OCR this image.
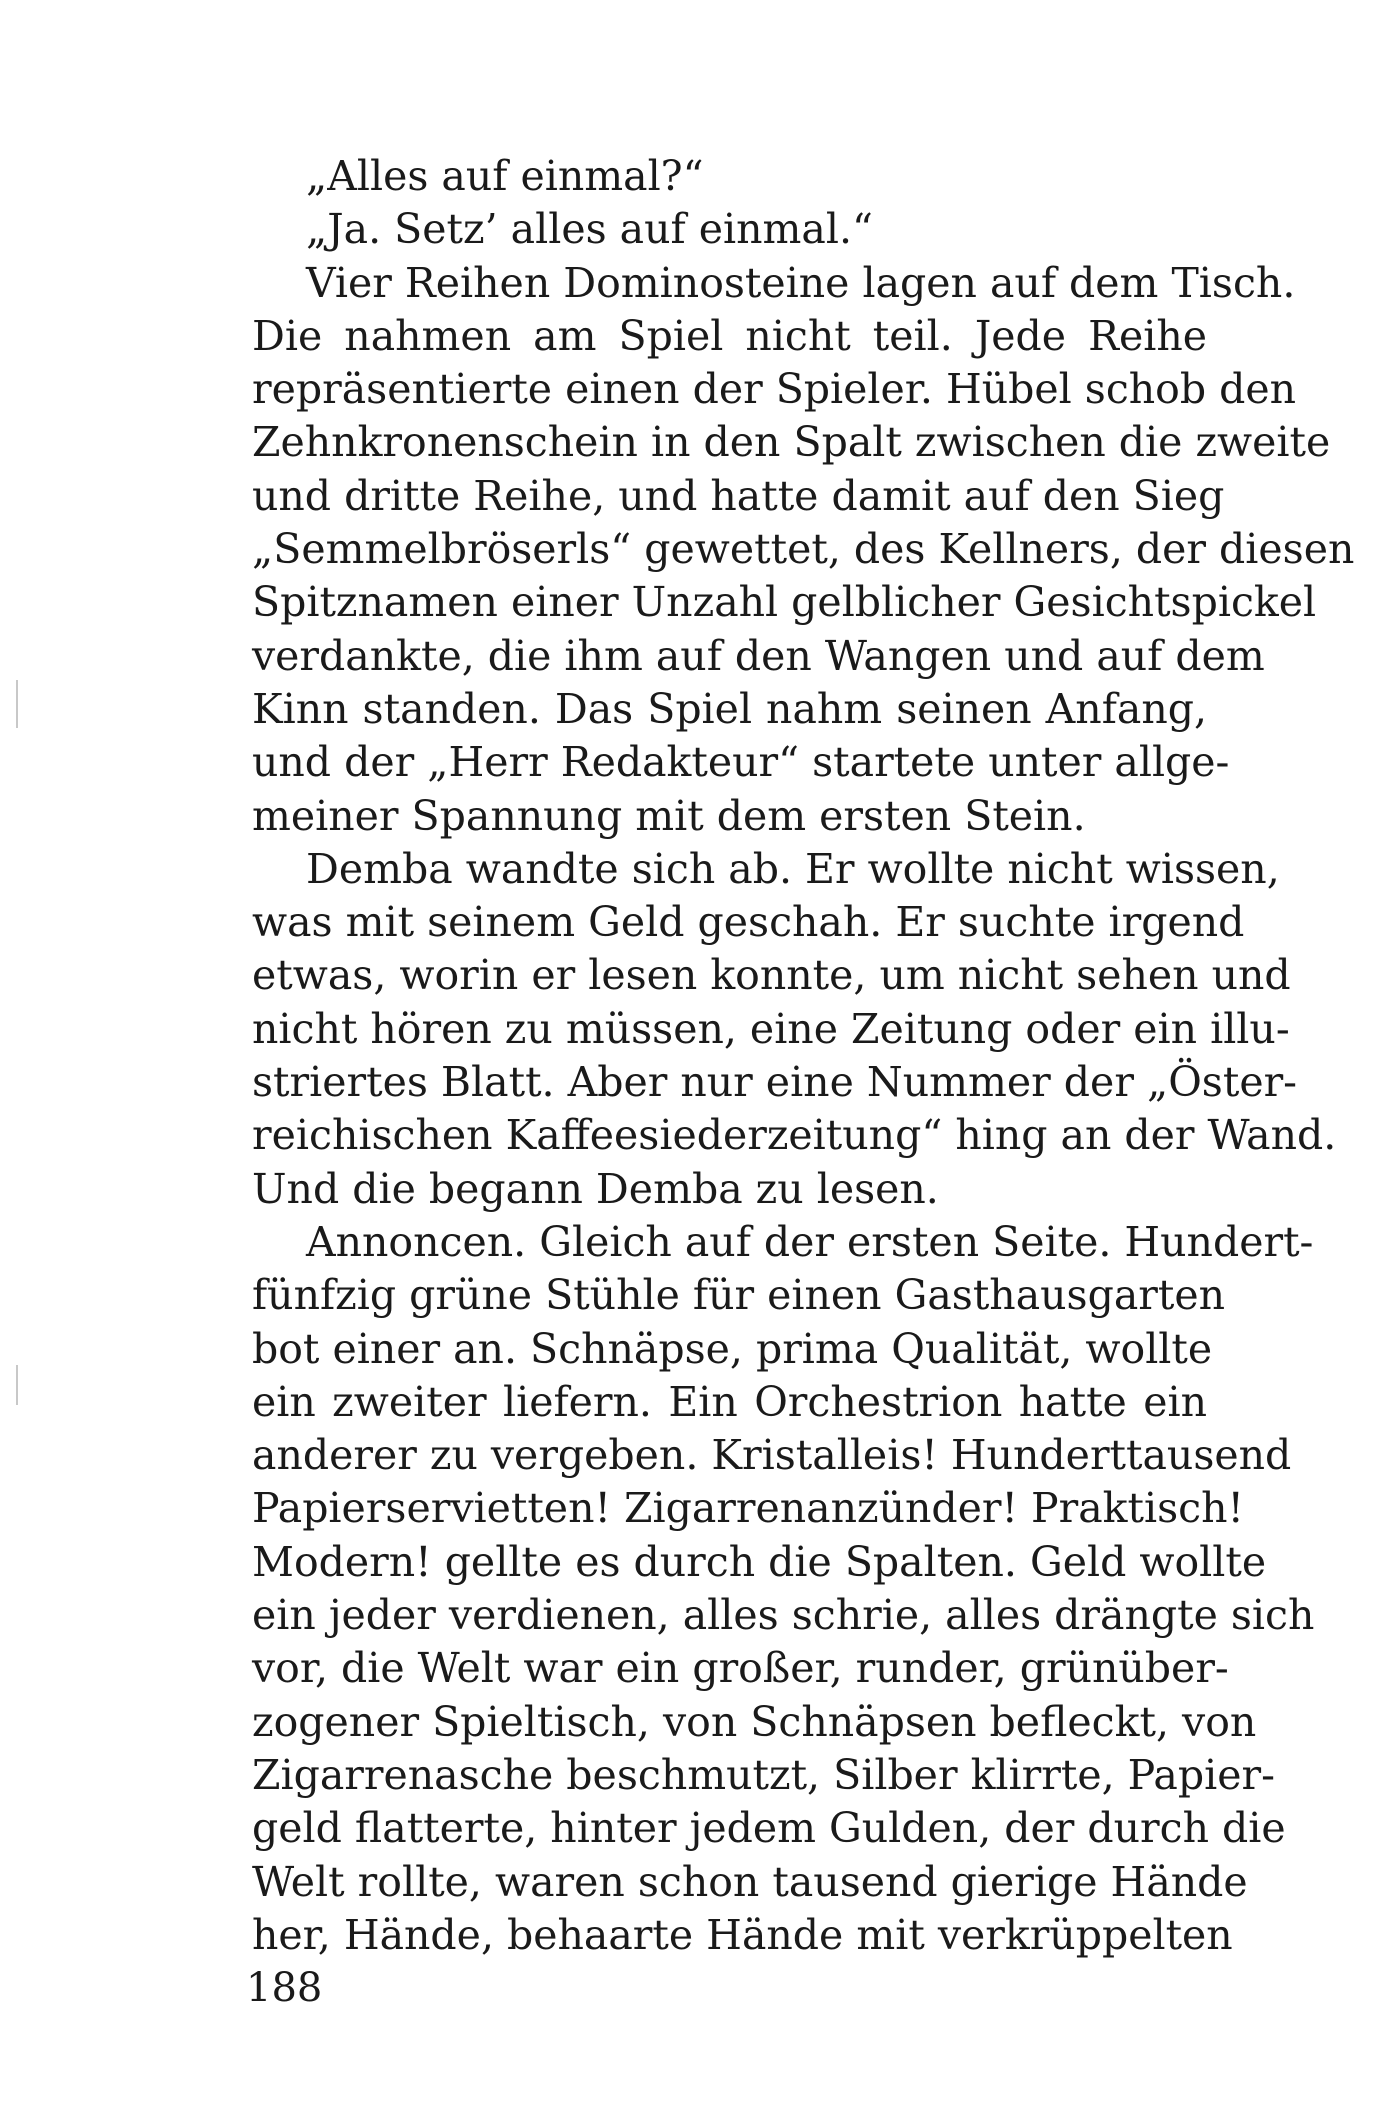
„Alles auf einmal?“
„Ja. Setz’ alles auf einmal.“
Vier Reihen Dominosteine lagen auf dem Tisch.
Die nahmen am Spiel nicht teil. Jede Reihe
repräsentierte einen der Spieler. Hübel schob den
Zehnkronenschein in den Spalt zwischen die zweite
und dritte Reihe, und hatte damit auf den Sieg
„Semmelbröserls“ gewettet, des Kellners, der diesen
Spitznamen einer Unzahl gelblicher Gesichtspickel
verdankte, die ihm auf den Wangen und auf dem
Kinn standen. Das Spiel nahm seinen Anfang,
und der „Herr Redakteur“ startete unter allge-
meiner Spannung mit dem ersten Stein.
Demba wandte sich ab. Er wollte nicht wissen,
was mit seinem Geld geschah. Er suchte irgend
etwas, worin er lesen konnte, um nicht sehen und
nicht hören zu müssen, eine Zeitung oder ein illu-
striertes Blatt. Aber nur eine Nummer der „Öster-
reichischen Kaffeesiederzeitung“ hing an der Wand.
Und die begann Demba zu lesen.
Annoncen. Gleich auf der ersten Seite. Hundert-
fünfzig grüne Stühle für einen Gasthausgarten
bot einer an. Schnäpse, prima Qualität, wollte
ein zweiter liefern. Ein Orchestrion hatte ein
anderer zu vergeben. Kristalleis! Hunderttausend
Papierservietten! Zigarrenanzünder! Praktisch!
Modern! gellte es durch die Spalten. Geld wollte
ein jeder verdienen, alles schrie, alles drängte sich
vor, die Welt war ein großer, runder, grünüber-
zogener Spieltisch, von Schnäpsen befleckt, von
Zigarrenasche beschmutzt, Silber klirrte, Papier-
geld flatterte, hinter jedem Gulden, der durch die
Welt rollte, waren schon tausend gierige Hände
her, Hände, behaarte Hände mit verkrüppelten
188
